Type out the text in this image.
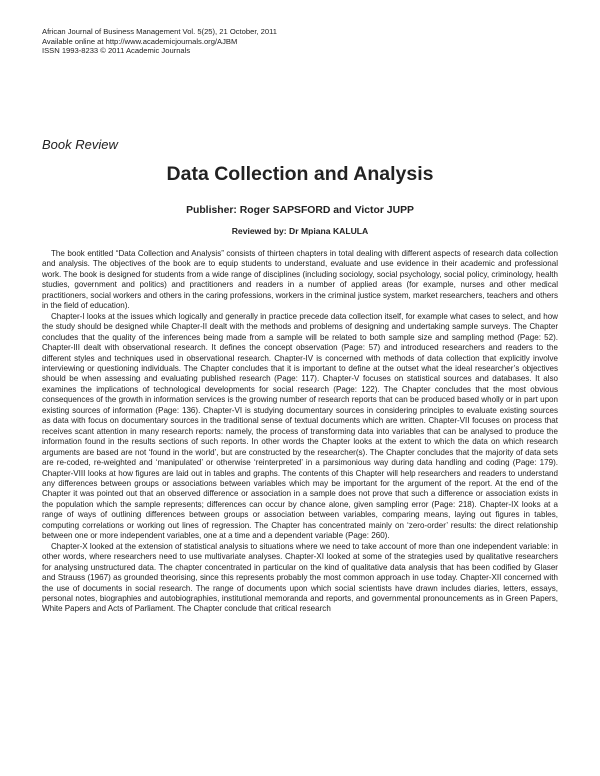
African Journal of Business Management Vol. 5(25), 21 October, 2011
Available online at http://www.academicjournals.org/AJBM
ISSN 1993-8233 © 2011 Academic Journals
Book Review
Data Collection and Analysis
Publisher: Roger SAPSFORD and Victor JUPP
Reviewed by: Dr Mpiana KALULA

The book entitled “Data Collection and Analysis” consists of thirteen chapters in total dealing with different aspects of research data collection and analysis. The objectives of the book are to equip students to understand, evaluate and use evidence in their academic and professional work. The book is designed for students from a wide range of disciplines (including sociology, social psychology, social policy, criminology, health studies, government and politics) and practitioners and readers in a number of applied areas (for example, nurses and other medical practitioners, social workers and others in the caring professions, workers in the criminal justice system, market researchers, teachers and others in the field of education).

Chapter-I looks at the issues which logically and generally in practice precede data collection itself, for example what cases to select, and how the study should be designed while Chapter-II dealt with the methods and problems of designing and undertaking sample surveys. The Chapter concludes that the quality of the inferences being made from a sample will be related to both sample size and sampling method (Page: 52). Chapter-III dealt with observational research. It defines the concept observation (Page: 57) and introduced researchers and readers to the different styles and techniques used in observational research. Chapter-IV is concerned with methods of data collection that explicitly involve interviewing or questioning individuals. The Chapter concludes that it is important to define at the outset what the ideal researcher’s objectives should be when assessing and evaluating published research (Page: 117). Chapter-V focuses on statistical sources and databases. It also examines the implications of technological developments for social research (Page: 122). The Chapter concludes that the most obvious consequences of the growth in information services is the growing number of research reports that can be produced based wholly or in part upon existing sources of information (Page: 136). Chapter-VI is studying documentary sources in considering principles to evaluate existing sources as data with focus on documentary sources in the traditional sense of textual documents which are written. Chapter-VII focuses on process that receives scant attention in many research reports: namely, the process of transforming data into variables that can be analysed to produce the information found in the results sections of such reports. In other words the Chapter looks at the extent to which the data on which research arguments are based are not ‘found in the world’, but are constructed by the researcher(s). The Chapter concludes that the majority of data sets are re-coded, re-weighted and ‘manipulated’ or otherwise ‘reinterpreted’ in a parsimonious way during data handling and coding (Page: 179). Chapter-VIII looks at how figures are laid out in tables and graphs. The contents of this Chapter will help researchers and readers to understand any differences between groups or associations between variables which may be important for the argument of the report. At the end of the Chapter it was pointed out that an observed difference or association in a sample does not prove that such a difference or association exists in the population which the sample represents; differences can occur by chance alone, given sampling error (Page: 218). Chapter-IX looks at a range of ways of outlining differences between groups or association between variables, comparing means, laying out figures in tables, computing correlations or working out lines of regression. The Chapter has concentrated mainly on ‘zero-order’ results: the direct relationship between one or more independent variables, one at a time and a dependent variable (Page: 260).

Chapter-X looked at the extension of statistical analysis to situations where we need to take account of more than one independent variable: in other words, where researchers need to use multivariate analyses. Chapter-XI looked at some of the strategies used by qualitative researchers for analysing unstructured data. The chapter concentrated in particular on the kind of qualitative data analysis that has been codified by Glaser and Strauss (1967) as grounded theorising, since this represents probably the most common approach in use today. Chapter-XII concerned with the use of documents in social research. The range of documents upon which social scientists have drawn includes diaries, letters, essays, personal notes, biographies and autobiographies, institutional memoranda and reports, and governmental pronouncements as in Green Papers, White Papers and Acts of Parliament. The Chapter conclude that critical research
